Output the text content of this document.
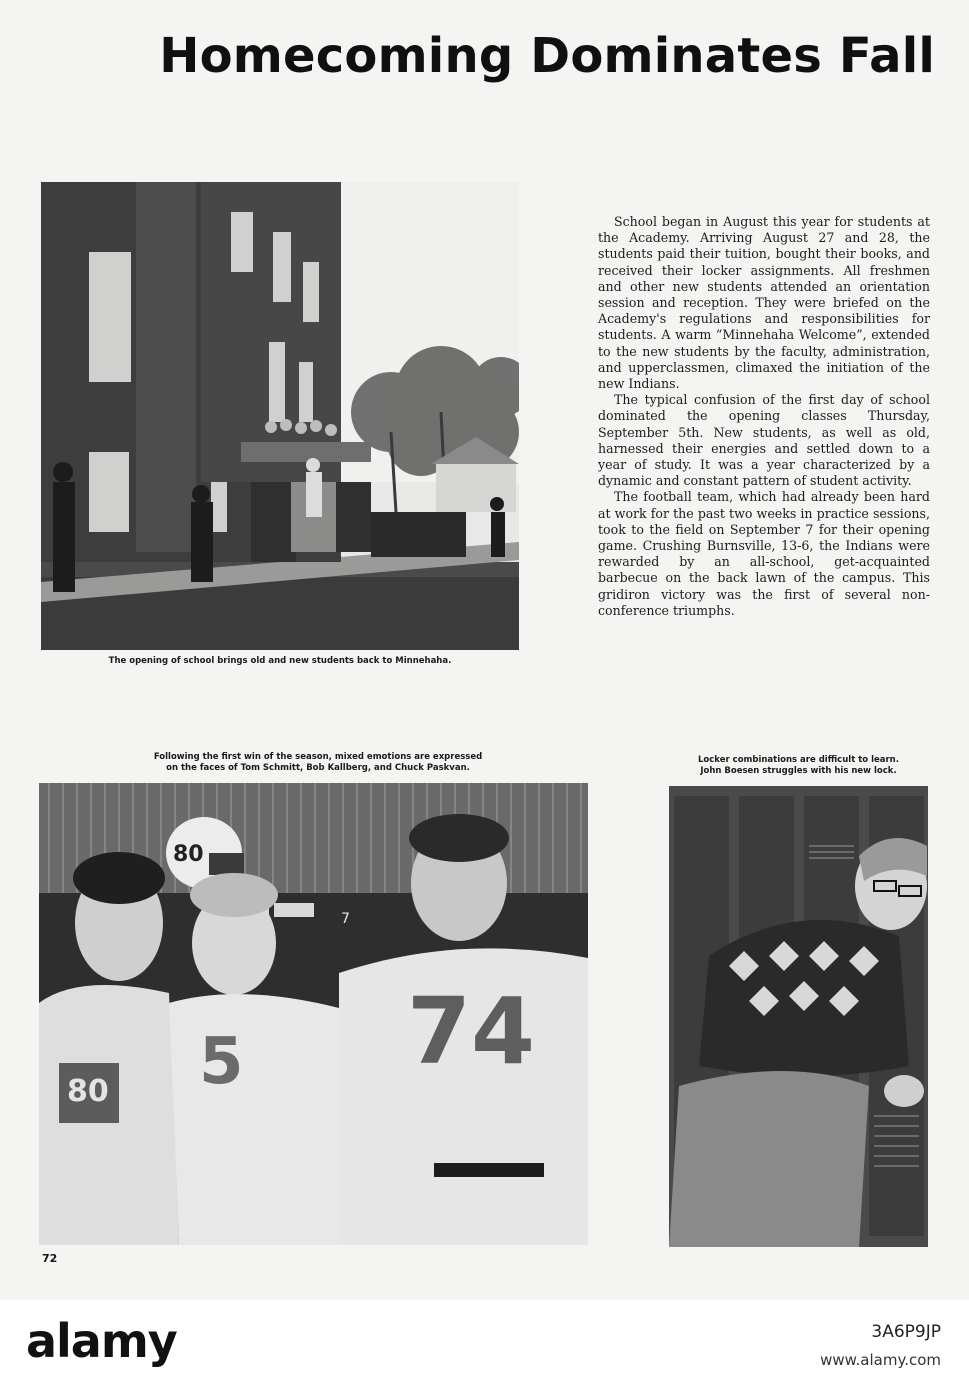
Homecoming Dominates Fall
The opening of school brings old and new students back to Minnehaha.

School began in August this year for students at the Academy. Arriving August 27 and 28, the students paid their tuition, bought their books, and received their locker assignments. All freshmen and other new students attended an orientation session and reception. They were briefed on the Academy's regulations and responsibilities for students. A warm “Minnehaha Welcome”, extended to the new students by the faculty, administration, and upperclassmen, climaxed the initiation of the new Indians.

The typical confusion of the first day of school dominated the opening classes Thursday, September 5th. New students, as well as old, harnessed their energies and settled down to a year of study. It was a year characterized by a dynamic and constant pattern of student activity.

The football team, which had already been hard at work for the past two weeks in practice sessions, took to the field on September 7 for their opening game. Crushing Burnsville, 13-6, the Indians were rewarded by an all-school, get-acquainted barbecue on the back lawn of the campus. This gridiron victory was the first of several non-conference triumphs.

Following the first win of the season, mixed emotions are expressed
on the faces of Tom Schmitt, Bob Kallberg, and Chuck Paskvan.
7
80
80 5 74
Locker combinations are difficult to learn.
John Boesen struggles with his new lock.
72
alamy	3A6P9JP
www.alamy.com
